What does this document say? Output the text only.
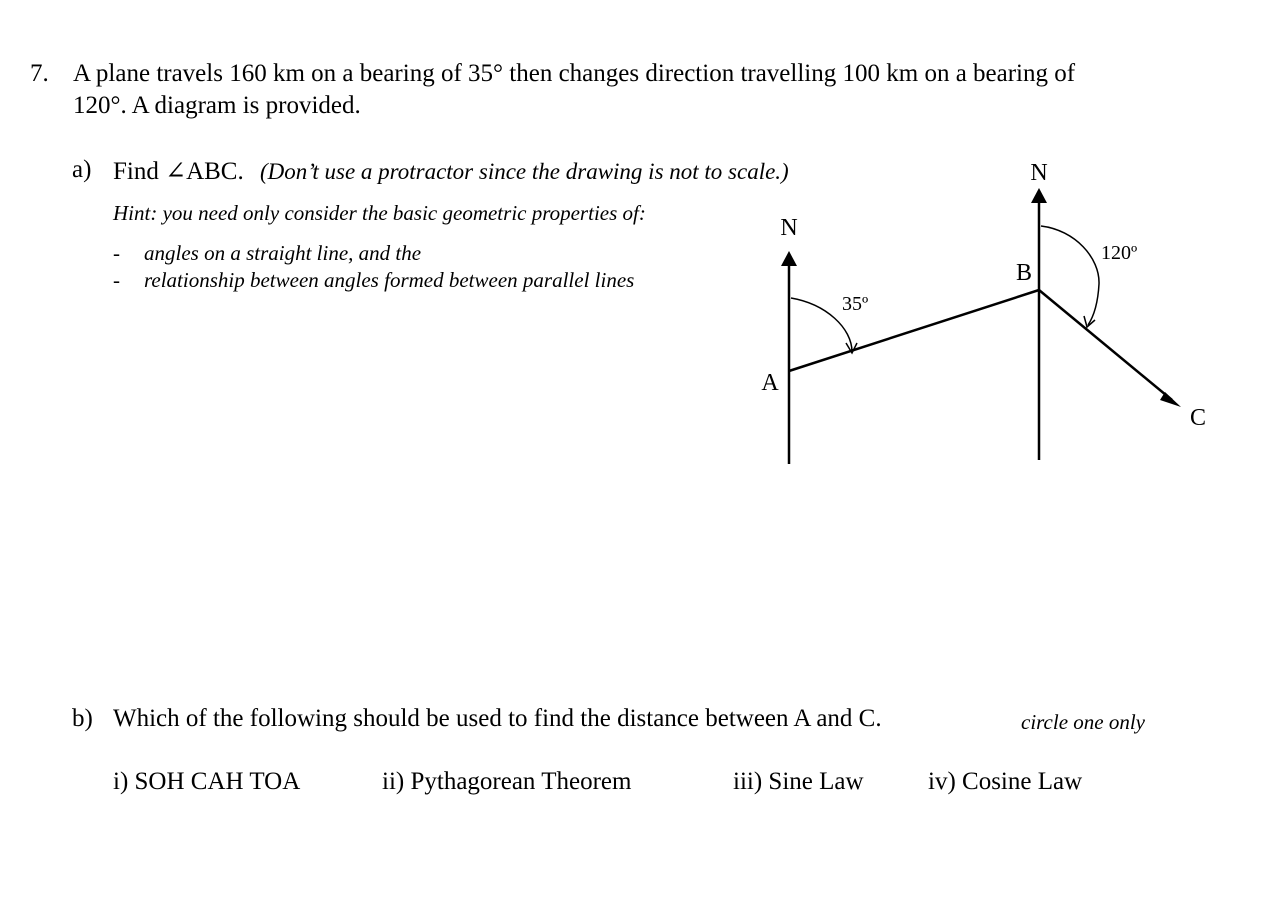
7. A plane travels 160 km on a bearing of 35° then changes direction travelling 100 km on a bearing of
120°. A diagram is provided.
a) Find ∠ABC. (Don’t use a protractor since the drawing is not to scale.)
Hint: you need only consider the basic geometric properties of:
- angles on a straight line, and the
- relationship between angles formed between parallel lines
N
N
35º
120º
A
B
C
b) Which of the following should be used to find the distance between A and C.	circle one only
i) SOH CAH TOA	ii) Pythagorean Theorem	iii) Sine Law	iv) Cosine Law
